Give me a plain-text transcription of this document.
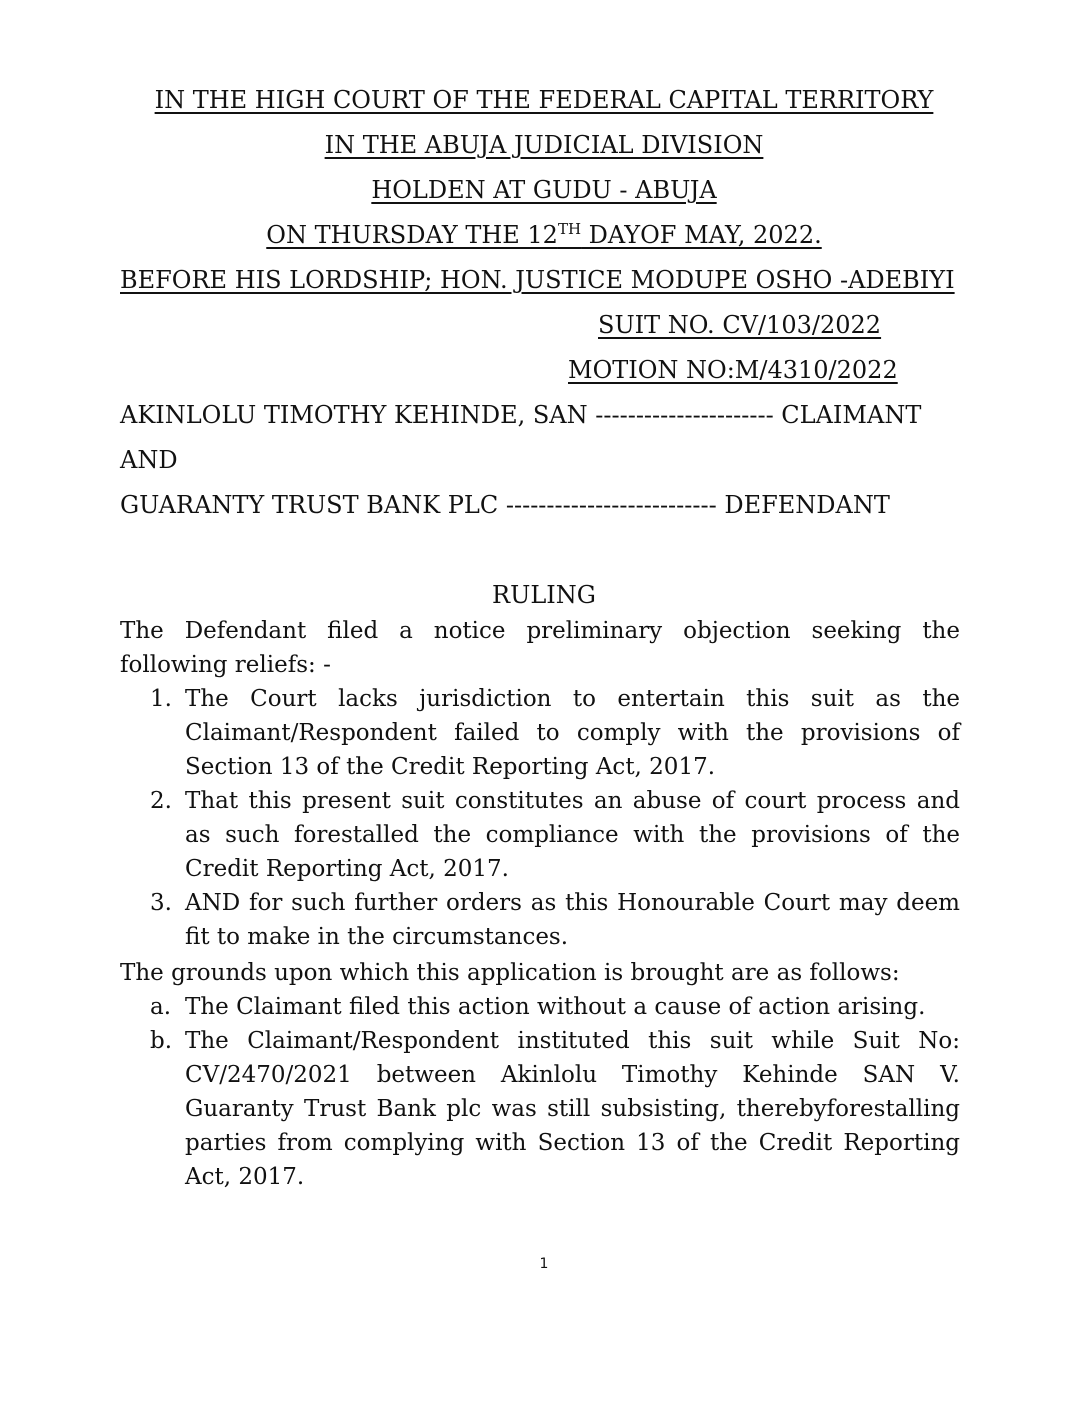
IN THE HIGH COURT OF THE FEDERAL CAPITAL TERRITORY
IN THE ABUJA JUDICIAL DIVISION
HOLDEN AT GUDU - ABUJA
ON THURSDAY THE 12TH DAYOF MAY, 2022.
BEFORE HIS LORDSHIP; HON. JUSTICE MODUPE OSHO -ADEBIYI
SUIT NO. CV/103/2022
MOTION NO:M/4310/2022
AKINLOLU TIMOTHY KEHINDE, SAN ---------------------- CLAIMANT
AND
GUARANTY TRUST BANK PLC -------------------------- DEFENDANT
RULING
The Defendant filed a notice preliminary objection seeking the following reliefs: -
1. The Court lacks jurisdiction to entertain this suit as the Claimant/Respondent failed to comply with the provisions of Section 13 of the Credit Reporting Act, 2017.
2. That this present suit constitutes an abuse of court process and as such forestalled the compliance with the provisions of the Credit Reporting Act, 2017.
3. AND for such further orders as this Honourable Court may deem fit to make in the circumstances.
The grounds upon which this application is brought are as follows:
a. The Claimant filed this action without a cause of action arising.
b. The Claimant/Respondent instituted this suit while Suit No: CV/2470/2021 between Akinlolu Timothy Kehinde SAN V. Guaranty Trust Bank plc was still subsisting, therebyforestalling parties from complying with Section 13 of the Credit Reporting Act, 2017.
1
